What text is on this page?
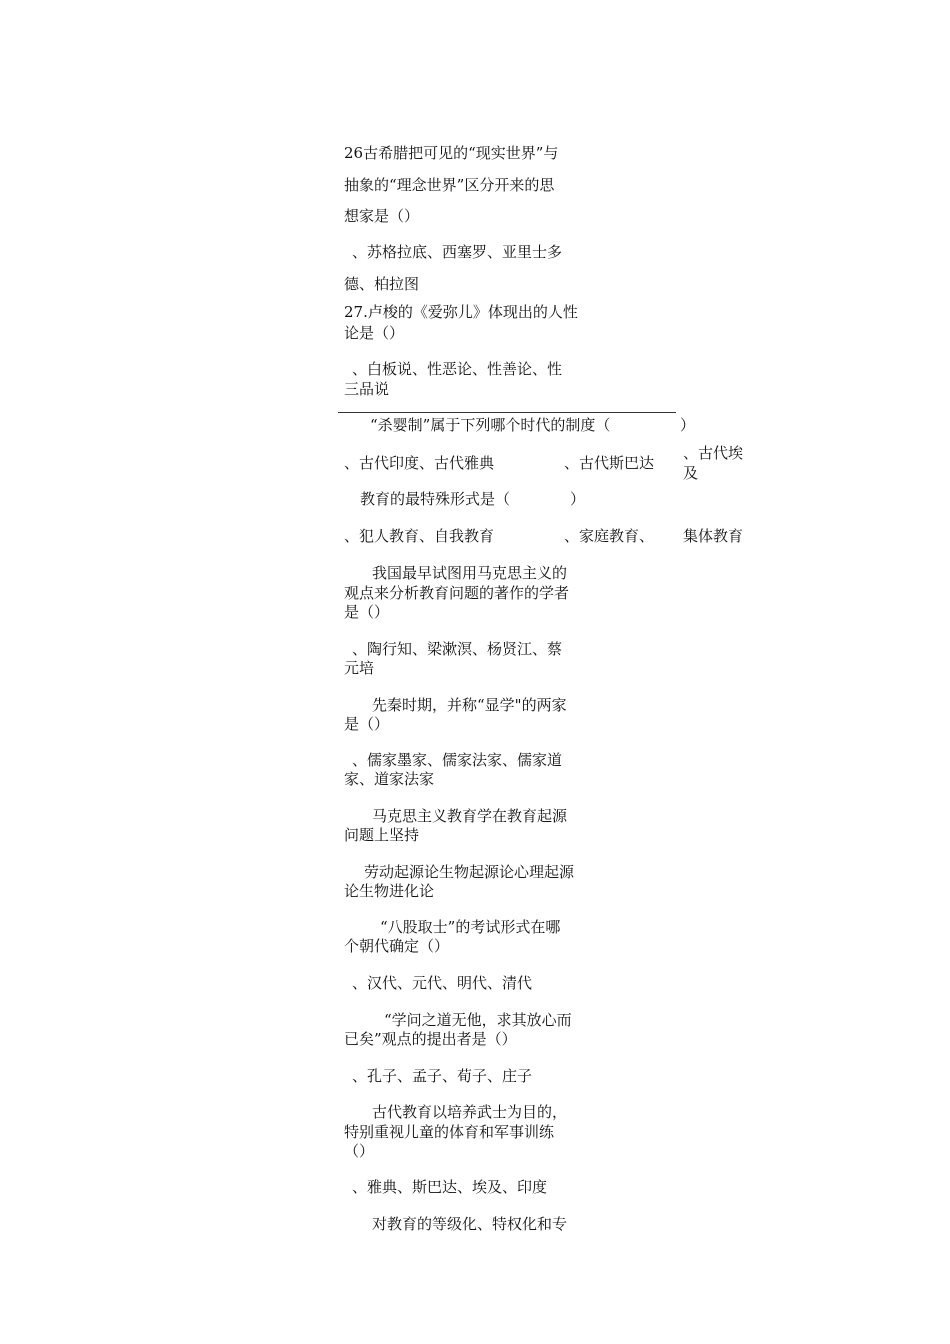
26古希腊把可见的“现实世界”与
抽象的“理念世界”区分开来的思
想家是（）
、苏格拉底、西塞罗、亚里士多
德、柏拉图
27.卢梭的《爱弥儿》体现出的人性
论是（）
、白板说、性恶论、性善论、性
三品说
“杀婴制”属于下列哪个时代的制度（	）
、古代印度、古代雅典	、古代斯巴达
、古代埃
及
教育的最特殊形式是（	）
、犯人教育、自我教育	、家庭教育、 集体教育
我国最早试图用马克思主义的
观点来分析教育问题的著作的学者
是（）
、陶行知、梁漱溟、杨贤江、蔡
元培
先秦时期，并称“显学"的两家
是（）
、儒家墨家、儒家法家、儒家道
家、道家法家
马克思主义教育学在教育起源
问题上坚持
劳动起源论生物起源论心理起源
论生物进化论
“八股取士”的考试形式在哪
个朝代确定（）
、汉代、元代、明代、清代
“学问之道无他，求其放心而
已矣”观点的提出者是（）
、孔子、孟子、荀子、庄子
古代教育以培养武士为目的，
特别重视儿童的体育和军事训练
（）
、雅典、斯巴达、埃及、印度
对教育的等级化、特权化和专
